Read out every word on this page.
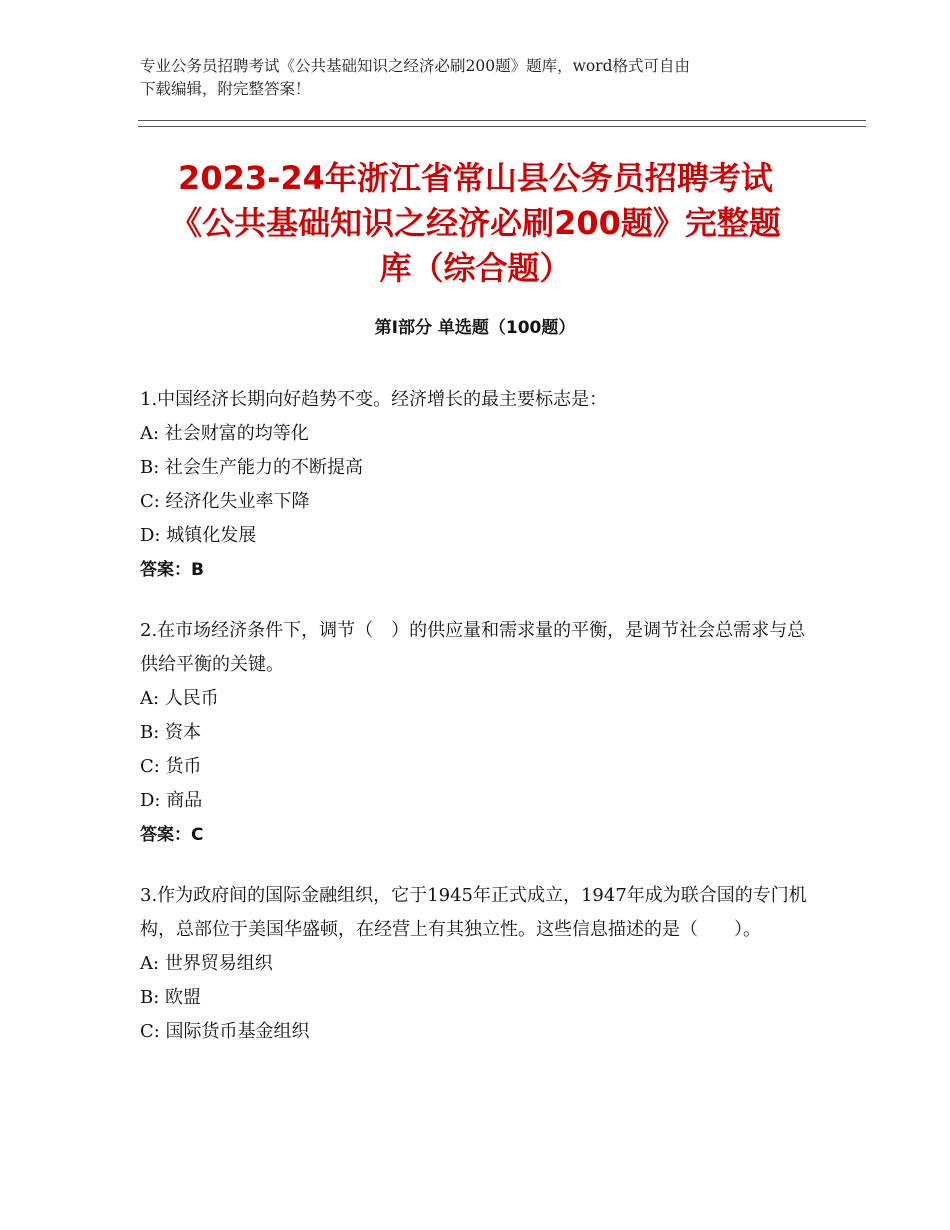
专业公务员招聘考试《公共基础知识之经济必刷200题》题库，word格式可自由
下载编辑，附完整答案！
2023-24年浙江省常山县公务员招聘考试
《公共基础知识之经济必刷200题》完整题
库（综合题）
第Ⅰ部分 单选题（100题）
1.中国经济长期向好趋势不变。经济增长的最主要标志是：
A: 社会财富的均等化
B: 社会生产能力的不断提高
C: 经济化失业率下降
D: 城镇化发展
答案：B
2.在市场经济条件下，调节（　）的供应量和需求量的平衡，是调节社会总需求与总供给平衡的关键。
A: 人民币
B: 资本
C: 货币
D: 商品
答案：C
3.作为政府间的国际金融组织，它于1945年正式成立，1947年成为联合国的专门机构，总部位于美国华盛顿，在经营上有其独立性。这些信息描述的是（　　）。
A: 世界贸易组织
B: 欧盟
C: 国际货币基金组织
